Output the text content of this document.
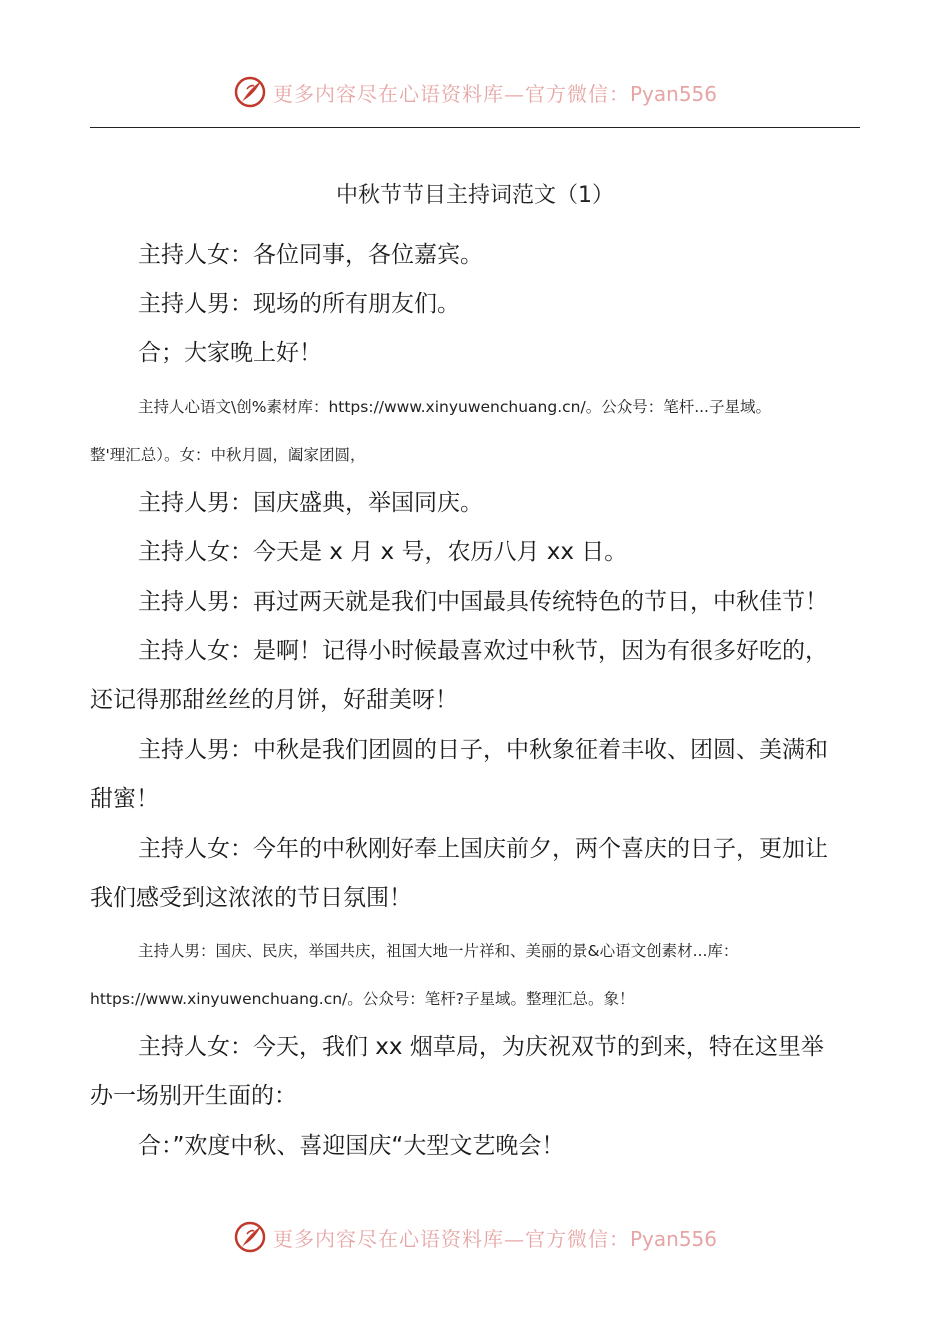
更多内容尽在心语资料库—官方微信：Pyan556
中秋节节目主持词范文（1）
主持人女：各位同事，各位嘉宾。
主持人男：现场的所有朋友们。
合；大家晚上好！
主持人心语文\创%素材库：https://www.xinyuwenchuang.cn/。公众号：笔杆...子星域。
整'理汇总）。女：中秋月圆，阖家团圆，
主持人男：国庆盛典，举国同庆。
主持人女：今天是 x 月 x 号，农历八月 xx 日。
主持人男：再过两天就是我们中国最具传统特色的节日，中秋佳节！
主持人女：是啊！记得小时候最喜欢过中秋节，因为有很多好吃的，
还记得那甜丝丝的月饼，好甜美呀！
主持人男：中秋是我们团圆的日子，中秋象征着丰收、团圆、美满和
甜蜜！
主持人女：今年的中秋刚好奉上国庆前夕，两个喜庆的日子，更加让
我们感受到这浓浓的节日氛围！
主持人男：国庆、民庆，举国共庆，祖国大地一片祥和、美丽的景&心语文创素材...库：
https://www.xinyuwenchuang.cn/。公众号：笔杆?子星域。整理汇总。象！
主持人女：今天，我们 xx 烟草局，为庆祝双节的到来，特在这里举
办一场别开生面的：
合：”欢度中秋、喜迎国庆“大型文艺晚会！
更多内容尽在心语资料库—官方微信：Pyan556
